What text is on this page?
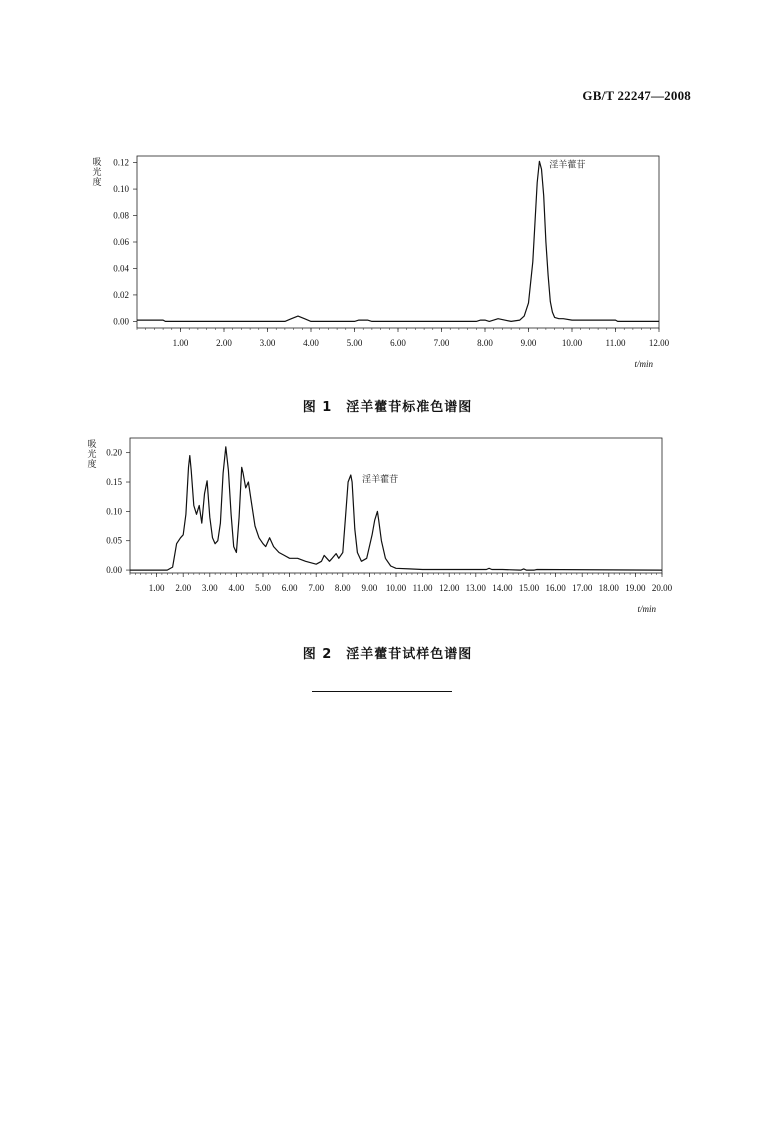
GB/T 22247—2008
1.00	2.00	3.00	4.00	5.00	6.00	7.00	8.00	9.00	10.00	11.00	12.00
0.00
0.02
0.04
0.06
0.08
0.10
0.12
吸光度
t/min
淫羊藿苷
图 1　淫羊藿苷标准色谱图
1.00 2.00 3.00 4.00 5.00 6.00 7.00 8.00 9.00 10.00 11.00 12.00 13.00 14.00 15.00 16.00 17.00 18.00 19.00 20.00
0.00
0.05
0.10
0.15
0.20
吸光度
t/min
淫羊藿苷
图 2　淫羊藿苷试样色谱图
